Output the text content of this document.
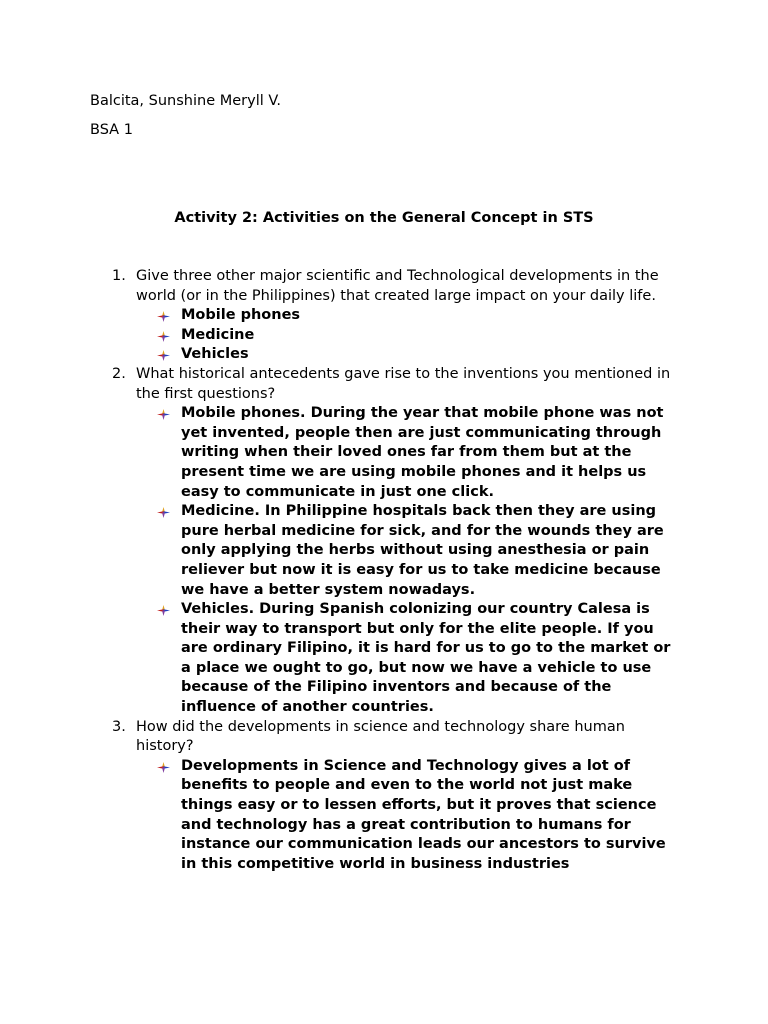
Balcita, Sunshine Meryll V.
BSA 1
Activity 2: Activities on the General Concept in STS
1. Give three other major scientific and Technological developments in the world (or in the Philippines) that created large impact on your daily life.
Mobile phones
Medicine
Vehicles
2. What historical antecedents gave rise to the inventions you mentioned in the first questions?
Mobile phones. During the year that mobile phone was not yet invented, people then are just communicating through writing when their loved ones far from them but at the present time we are using mobile phones and it helps us easy to communicate in just one click.
Medicine. In Philippine hospitals back then they are using pure herbal medicine for sick, and for the wounds they are only applying the herbs without using anesthesia or pain reliever but now it is easy for us to take medicine because we have a better system nowadays.
Vehicles. During Spanish colonizing our country Calesa is their way to transport but only for the elite people. If you are ordinary Filipino, it is hard for us to go to the market or a place we ought to go, but now we have a vehicle to use because of the Filipino inventors and because of the influence of another countries.
3. How did the developments in science and technology share human history?
Developments in Science and Technology gives a lot of benefits to people and even to the world not just make things easy or to lessen efforts, but it proves that science and technology has a great contribution to humans for instance our communication leads our ancestors to survive in this competitive world in business industries
